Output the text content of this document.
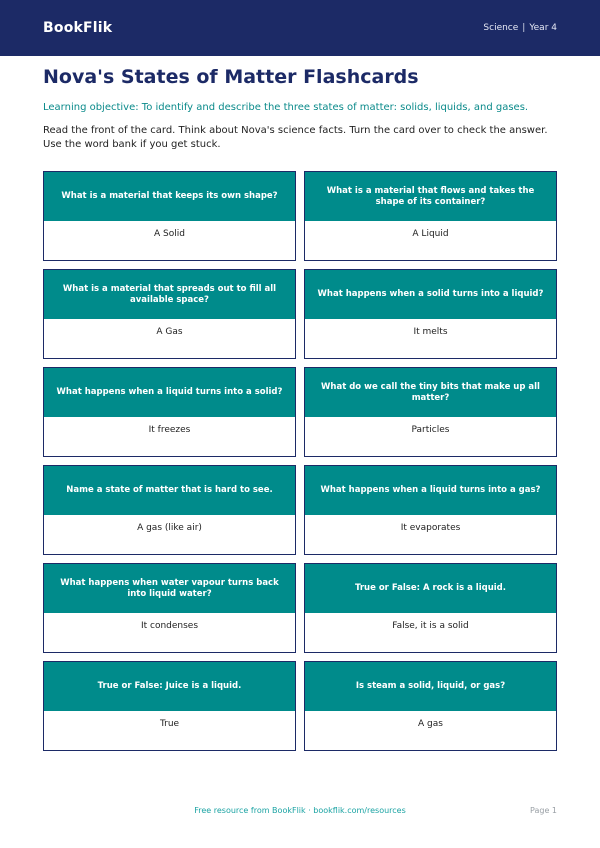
BookFlik	Science | Year 4
Nova's States of Matter Flashcards

Learning objective: To identify and describe the three states of matter: solids, liquids, and gases.

Read the front of the card. Think about Nova's science facts. Turn the card over to check the answer. Use the word bank if you get stuck.

What is a material that keeps its own shape?
A Solid
What is a material that flows and takes the shape of its container?
A Liquid
What is a material that spreads out to fill all available space?
A Gas
What happens when a solid turns into a liquid?
It melts
What happens when a liquid turns into a solid?
It freezes
What do we call the tiny bits that make up all matter?
Particles
Name a state of matter that is hard to see.
A gas (like air)
What happens when a liquid turns into a gas?
It evaporates
What happens when water vapour turns back into liquid water?
It condenses
True or False: A rock is a liquid.
False, it is a solid
True or False: Juice is a liquid.
True
Is steam a solid, liquid, or gas?
A gas
Free resource from BookFlik · bookflik.com/resources	Page 1
